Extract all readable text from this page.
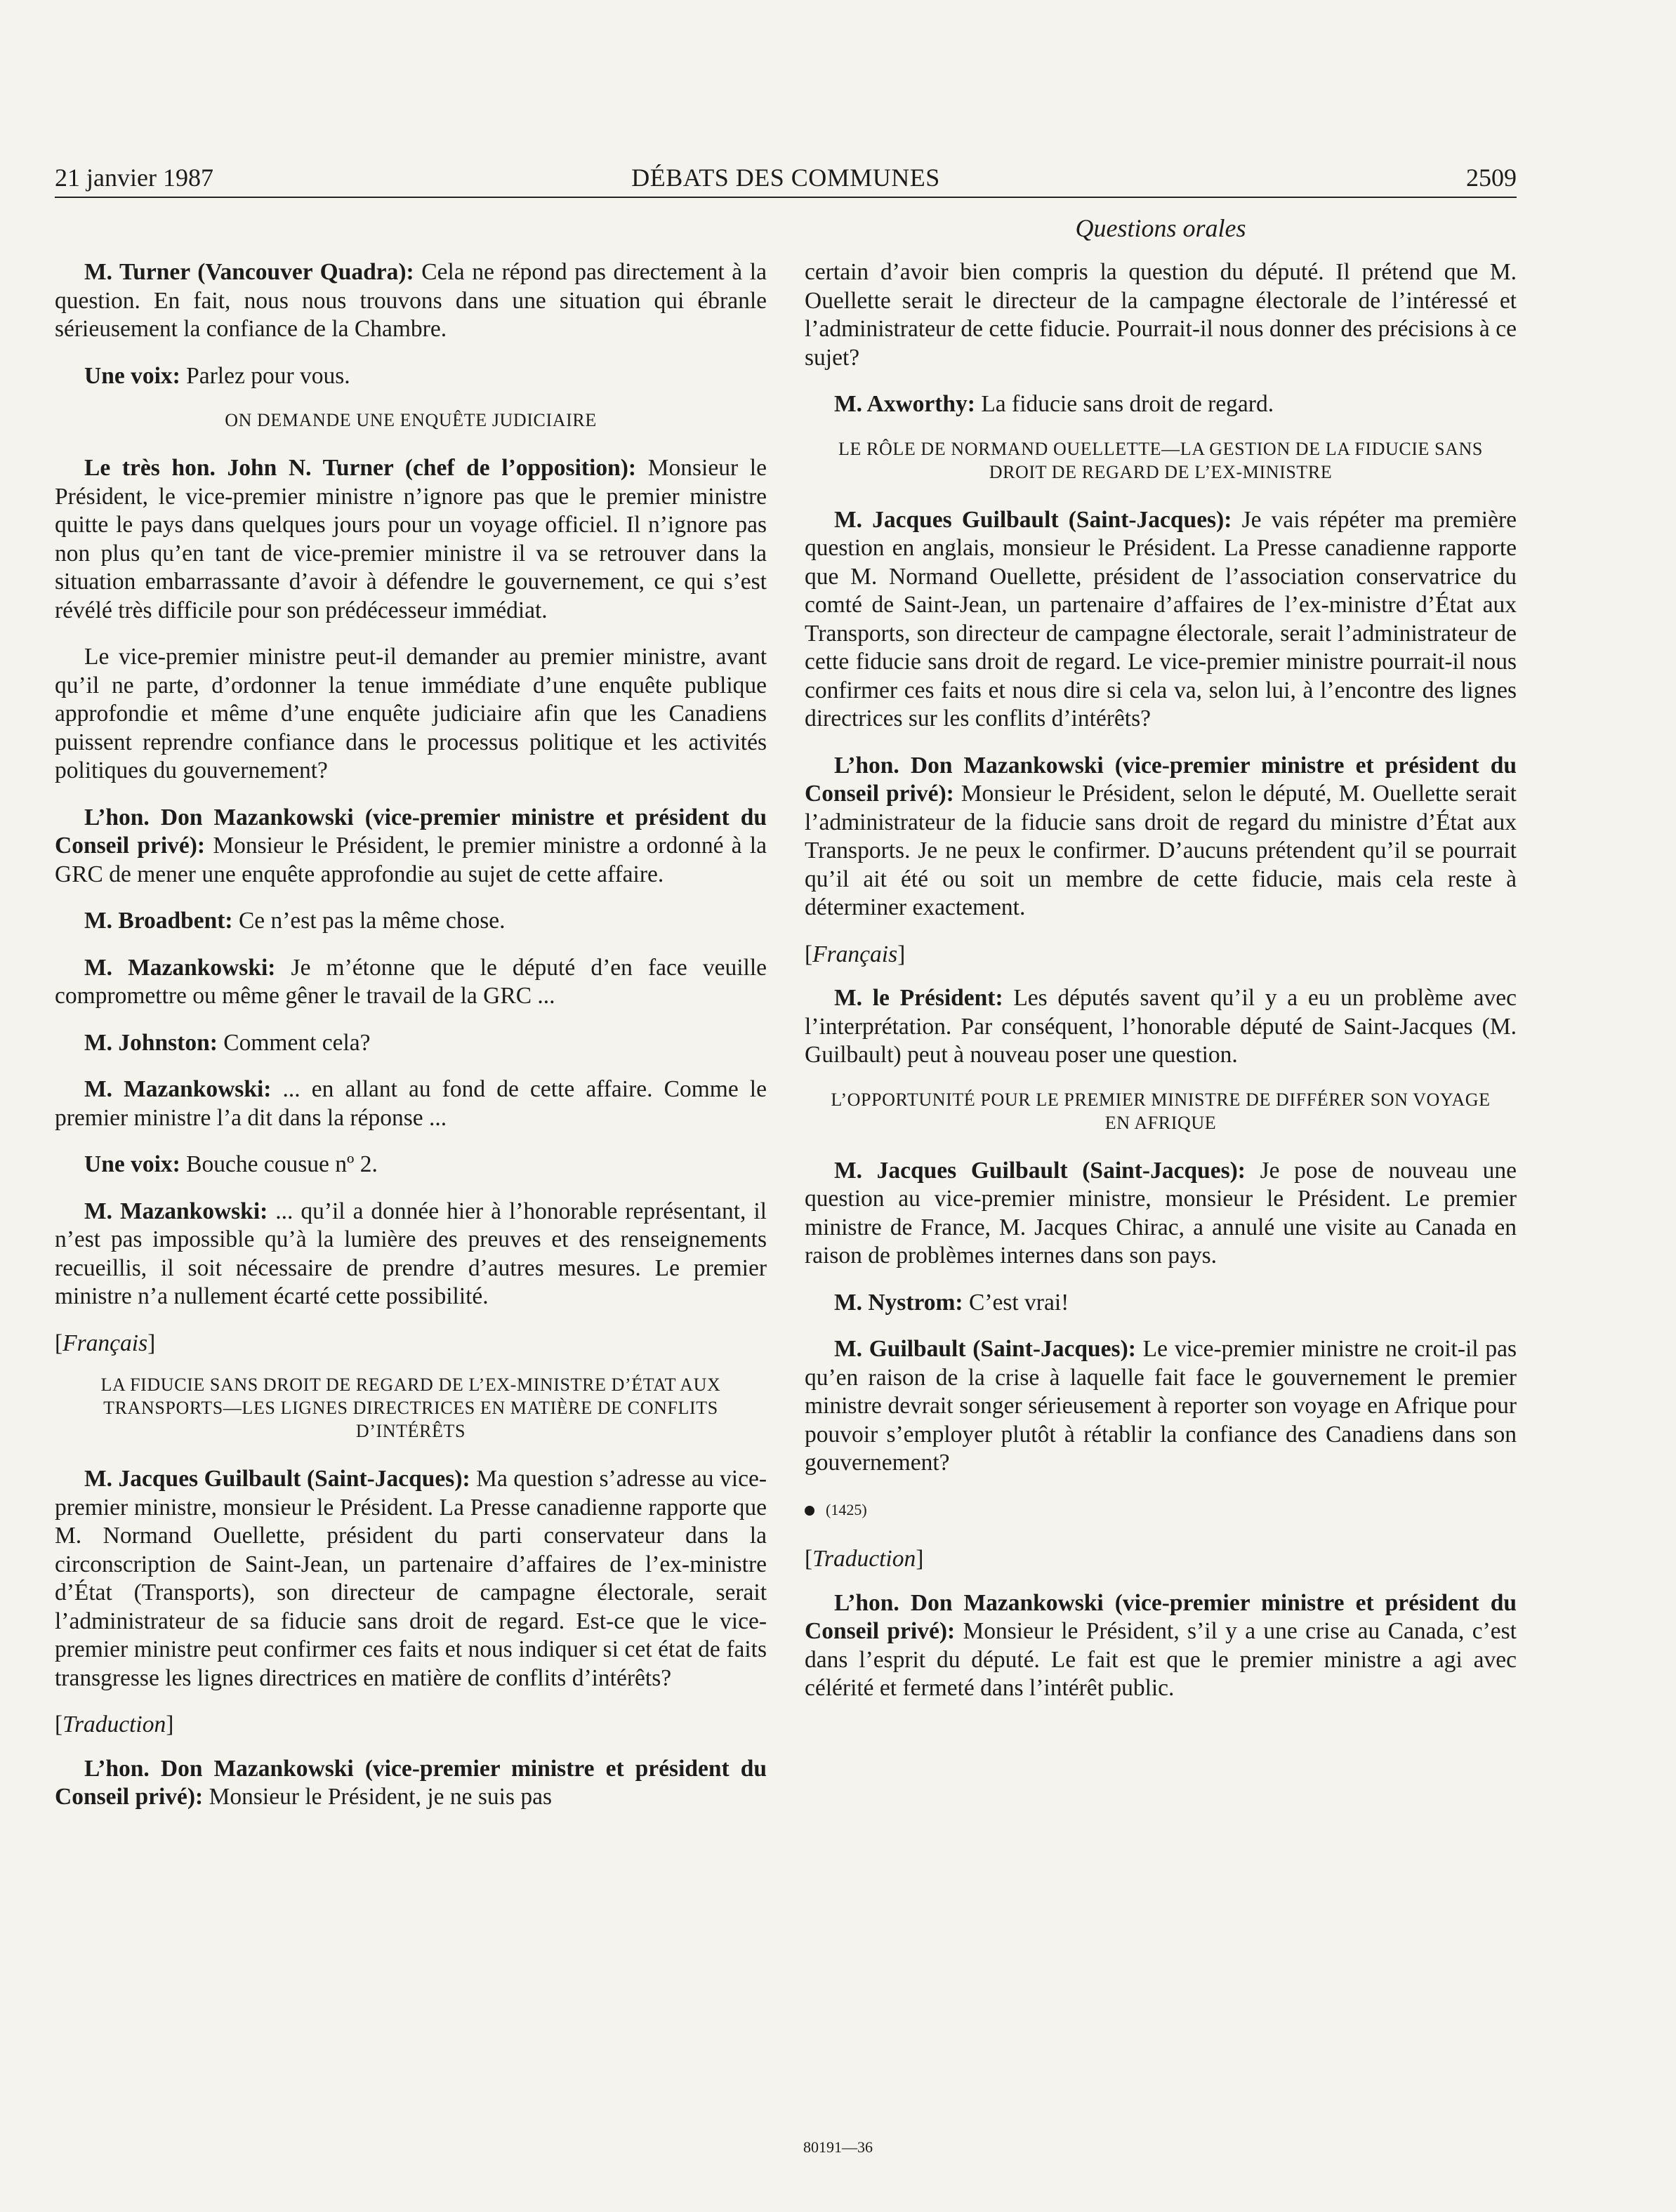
21 janvier 1987	DÉBATS DES COMMUNES	2509
Questions orales

M. Turner (Vancouver Quadra): Cela ne répond pas directement à la question. En fait, nous nous trouvons dans une situation qui ébranle sérieusement la confiance de la Chambre.

Une voix: Parlez pour vous.

ON DEMANDE UNE ENQUÊTE JUDICIAIRE

Le très hon. John N. Turner (chef de l’opposition): Monsieur le Président, le vice-premier ministre n’ignore pas que le premier ministre quitte le pays dans quelques jours pour un voyage officiel. Il n’ignore pas non plus qu’en tant de vice-premier ministre il va se retrouver dans la situation embarrassante d’avoir à défendre le gouvernement, ce qui s’est révélé très difficile pour son prédécesseur immédiat.

Le vice-premier ministre peut-il demander au premier ministre, avant qu’il ne parte, d’ordonner la tenue immédiate d’une enquête publique approfondie et même d’une enquête judiciaire afin que les Canadiens puissent reprendre confiance dans le processus politique et les activités politiques du gouvernement?

L’hon. Don Mazankowski (vice-premier ministre et président du Conseil privé): Monsieur le Président, le premier ministre a ordonné à la GRC de mener une enquête approfondie au sujet de cette affaire.

M. Broadbent: Ce n’est pas la même chose.

M. Mazankowski: Je m’étonne que le député d’en face veuille compromettre ou même gêner le travail de la GRC ...

M. Johnston: Comment cela?

M. Mazankowski: ... en allant au fond de cette affaire. Comme le premier ministre l’a dit dans la réponse ...

Une voix: Bouche cousue nº 2.

M. Mazankowski: ... qu’il a donnée hier à l’honorable représentant, il n’est pas impossible qu’à la lumière des preuves et des renseignements recueillis, il soit nécessaire de prendre d’autres mesures. Le premier ministre n’a nullement écarté cette possibilité.

[Français]
LA FIDUCIE SANS DROIT DE REGARD DE L’EX-MINISTRE D’ÉTAT AUX TRANSPORTS—LES LIGNES DIRECTRICES EN MATIÈRE DE CONFLITS D’INTÉRÊTS

M. Jacques Guilbault (Saint-Jacques): Ma question s’adresse au vice-premier ministre, monsieur le Président. La Presse canadienne rapporte que M. Normand Ouellette, président du parti conservateur dans la circonscription de Saint-Jean, un partenaire d’affaires de l’ex-ministre d’État (Transports), son directeur de campagne électorale, serait l’administrateur de sa fiducie sans droit de regard. Est-ce que le vice-premier ministre peut confirmer ces faits et nous indiquer si cet état de faits transgresse les lignes directrices en matière de conflits d’intérêts?

[Traduction]

L’hon. Don Mazankowski (vice-premier ministre et président du Conseil privé): Monsieur le Président, je ne suis pas

certain d’avoir bien compris la question du député. Il prétend que M. Ouellette serait le directeur de la campagne électorale de l’intéressé et l’administrateur de cette fiducie. Pourrait-il nous donner des précisions à ce sujet?

M. Axworthy: La fiducie sans droit de regard.

LE RÔLE DE NORMAND OUELLETTE—LA GESTION DE LA FIDUCIE SANS DROIT DE REGARD DE L’EX-MINISTRE

M. Jacques Guilbault (Saint-Jacques): Je vais répéter ma première question en anglais, monsieur le Président. La Presse canadienne rapporte que M. Normand Ouellette, président de l’association conservatrice du comté de Saint-Jean, un partenaire d’affaires de l’ex-ministre d’État aux Transports, son directeur de campagne électorale, serait l’administrateur de cette fiducie sans droit de regard. Le vice-premier ministre pourrait-il nous confirmer ces faits et nous dire si cela va, selon lui, à l’encontre des lignes directrices sur les conflits d’intérêts?

L’hon. Don Mazankowski (vice-premier ministre et président du Conseil privé): Monsieur le Président, selon le député, M. Ouellette serait l’administrateur de la fiducie sans droit de regard du ministre d’État aux Transports. Je ne peux le confirmer. D’aucuns prétendent qu’il se pourrait qu’il ait été ou soit un membre de cette fiducie, mais cela reste à déterminer exactement.

[Français]

M. le Président: Les députés savent qu’il y a eu un problème avec l’interprétation. Par conséquent, l’honorable député de Saint-Jacques (M. Guilbault) peut à nouveau poser une question.

L’OPPORTUNITÉ POUR LE PREMIER MINISTRE DE DIFFÉRER SON VOYAGE EN AFRIQUE

M. Jacques Guilbault (Saint-Jacques): Je pose de nouveau une question au vice-premier ministre, monsieur le Président. Le premier ministre de France, M. Jacques Chirac, a annulé une visite au Canada en raison de problèmes internes dans son pays.

M. Nystrom: C’est vrai!

M. Guilbault (Saint-Jacques): Le vice-premier ministre ne croit-il pas qu’en raison de la crise à laquelle fait face le gouvernement le premier ministre devrait songer sérieusement à reporter son voyage en Afrique pour pouvoir s’employer plutôt à rétablir la confiance des Canadiens dans son gouvernement?

(1425)
[Traduction]

L’hon. Don Mazankowski (vice-premier ministre et président du Conseil privé): Monsieur le Président, s’il y a une crise au Canada, c’est dans l’esprit du député. Le fait est que le premier ministre a agi avec célérité et fermeté dans l’intérêt public.

80191—36
